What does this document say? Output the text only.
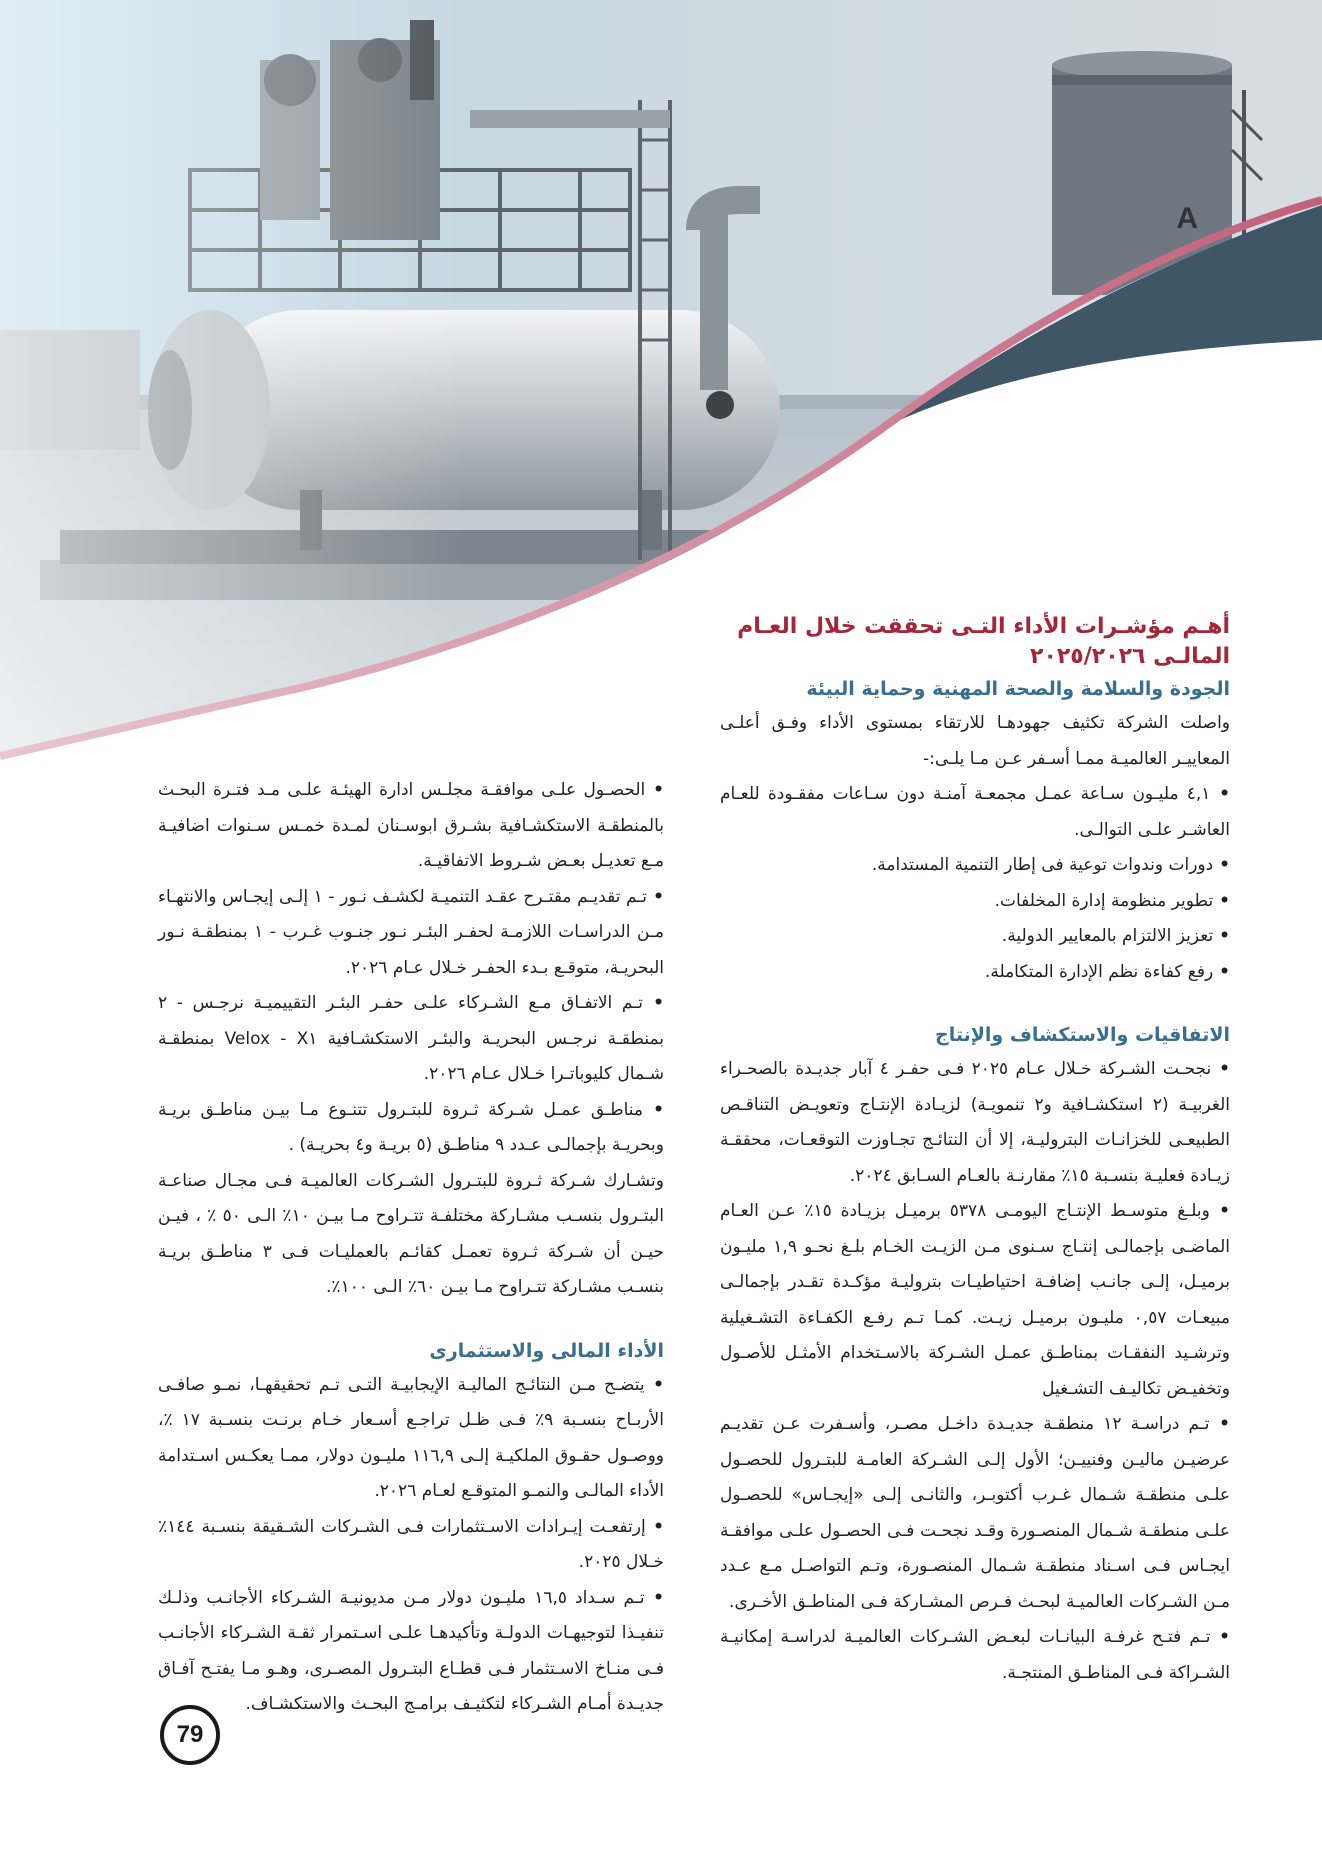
أهـم مؤشـرات الأداء التـى تحققت خلال العـام المالـى ٢٠٢٥/٢٠٢٦
الجودة والسلامة والصحة المهنية وحماية البيئة

واصلت الشركة تكثيف جهودهـا للارتقاء بمستوى الأداء وفـق أعلـى المعاييـر العالميـة ممـا أسـفر عـن مـا يلـى:-

• ٤,١ مليـون سـاعة عمـل مجمعـة آمنـة دون سـاعات مفقـودة للعـام العاشـر علـى التوالـى.

• دورات وندوات توعية فى إطار التنمية المستدامة.

• تطوير منظومة إدارة المخلفات.

• تعزيز الالتزام بالمعايير الدولية.

• رفع كفاءة نظم الإدارة المتكاملة.

الاتفاقيات والاستكشاف والإنتاج

• نجحـت الشـركة خـلال عـام ٢٠٢٥ فـى حفـر ٤ آبار جديـدة بالصحـراء الغربيـة (٢ استكشـافية و٢ تنمويـة) لزيـادة الإنتـاج وتعويـض التناقـص الطبيعـى للخزانـات البتروليـة، إلا أن النتائـج تجـاوزت التوقعـات، محققـة زيـادة فعليـة بنسـبة ١٥٪ مقارنـة بالعـام السـابق ٢٠٢٤.

• وبلـغ متوسـط الإنتـاج اليومـى ٥٣٧٨ برميـل بزيـادة ١٥٪ عـن العـام الماضـى بإجمالـى إنتـاج سـنوى مـن الزيـت الخـام بلـغ نحـو ١,٩ مليـون برميـل، إلـى جانـب إضافـة احتياطيـات بتروليـة مؤكـدة تقـدر بإجمالـى مبيعـات ٠,٥٧ مليـون برميـل زيـت. كمـا تـم رفـع الكفـاءة التشـغيلية وترشـيد النفقـات بمناطـق عمـل الشـركة بالاسـتخدام الأمثـل للأصـول وتخفيـض تكاليـف التشـغيل

• تـم دراسـة ١٢ منطقـة جديـدة داخـل مصـر، وأسـفرت عـن تقديـم عرضيـن ماليـن وفنييـن؛ الأول إلـى الشـركة العامـة للبتـرول للحصـول علـى منطقـة شـمال غـرب أكتوبـر، والثانـى إلـى «إيجـاس» للحصـول علـى منطقـة شـمال المنصـورة وقـد نجحـت فـى الحصـول علـى موافقـة ايجـاس فـى اسـناد منطقـة شـمال المنصـورة، وتـم التواصـل مـع عـدد مـن الشـركات العالميـة لبحـث فـرص المشـاركة فـى المناطـق الأخـرى.

• تـم فتـح غرفـة البيانـات لبعـض الشـركات العالميـة لدراسـة إمكانيـة الشـراكة فـى المناطـق المنتجـة.

• الحصـول علـى موافقـة مجلـس ادارة الهيئـة علـى مـد فتـرة البحـث بالمنطقـة الاستكشـافية بشـرق ابوسـنان لمـدة خمـس سـنوات اضافيـة مـع تعديـل بعـض شـروط الاتفاقيـة.

• تـم تقديـم مقتـرح عقـد التنميـة لكشـف نـور - ١ إلـى إيجـاس والانتهـاء مـن الدراسـات اللازمـة لحفـر البئـر نـور جنـوب غـرب - ١ بمنطقـة نـور البحريـة، متوقـع بـدء الحفـر خـلال عـام ٢٠٢٦.

• تـم الاتفـاق مـع الشـركاء علـى حفـر البئـر التقييميـة نرجـس - ٢ بمنطقـة نرجـس البحريـة والبئـر الاستكشـافية Velox - X١ بمنطقـة شـمال كليوباتـرا خـلال عـام ٢٠٢٦.

• مناطـق عمـل شـركة ثـروة للبتـرول تتنـوع مـا بيـن مناطـق بريـة وبحريـة بإجمالـى عـدد ٩ مناطـق (٥ بريـة و٤ بحريـة) .

وتشـارك شـركة ثـروة للبتـرول الشـركات العالميـة فـى مجـال صناعـة البتـرول بنسـب مشـاركة مختلفـة تتـراوح مـا بيـن ١٠٪ الـى ٥٠ ٪ ، فيـن حيـن أن شـركة ثـروة تعمـل كقائـم بالعمليـات فـى ٣ مناطـق بريـة بنسـب مشـاركة تتـراوح مـا بيـن ٦٠٪ الـى ١٠٠٪.

الأداء المالى والاستثمارى

• يتضـح مـن النتائـج الماليـة الإيجابيـة التـى تـم تحقيقهـا، نمـو صافـى الأربـاح بنسـبة ٩٪ فـى ظـل تراجـع أسـعار خـام برنـت بنسـبة ١٧ ٪، ووصـول حقـوق الملكيـة إلـى ١١٦,٩ مليـون دولار، ممـا يعكـس اسـتدامة الأداء المالـى والنمـو المتوقـع لعـام ٢٠٢٦.

• إرتفعـت إيـرادات الاسـتثمارات فـى الشـركات الشـقيقة بنسـبة ١٤٤٪ خـلال ٢٠٢٥.

• تـم سـداد ١٦,٥ مليـون دولار مـن مديونيـة الشـركاء الأجانـب وذلـك تنفيـذا لتوجيهـات الدولـة وتأكيدهـا علـى اسـتمرار ثقـة الشـركاء الأجانـب فـى منـاخ الاسـتثمار فـى قطـاع البتـرول المصـرى، وهـو مـا يفتـح آفـاق جديـدة أمـام الشـركاء لتكثيـف برامـج البحـث والاستكشـاف.

79
